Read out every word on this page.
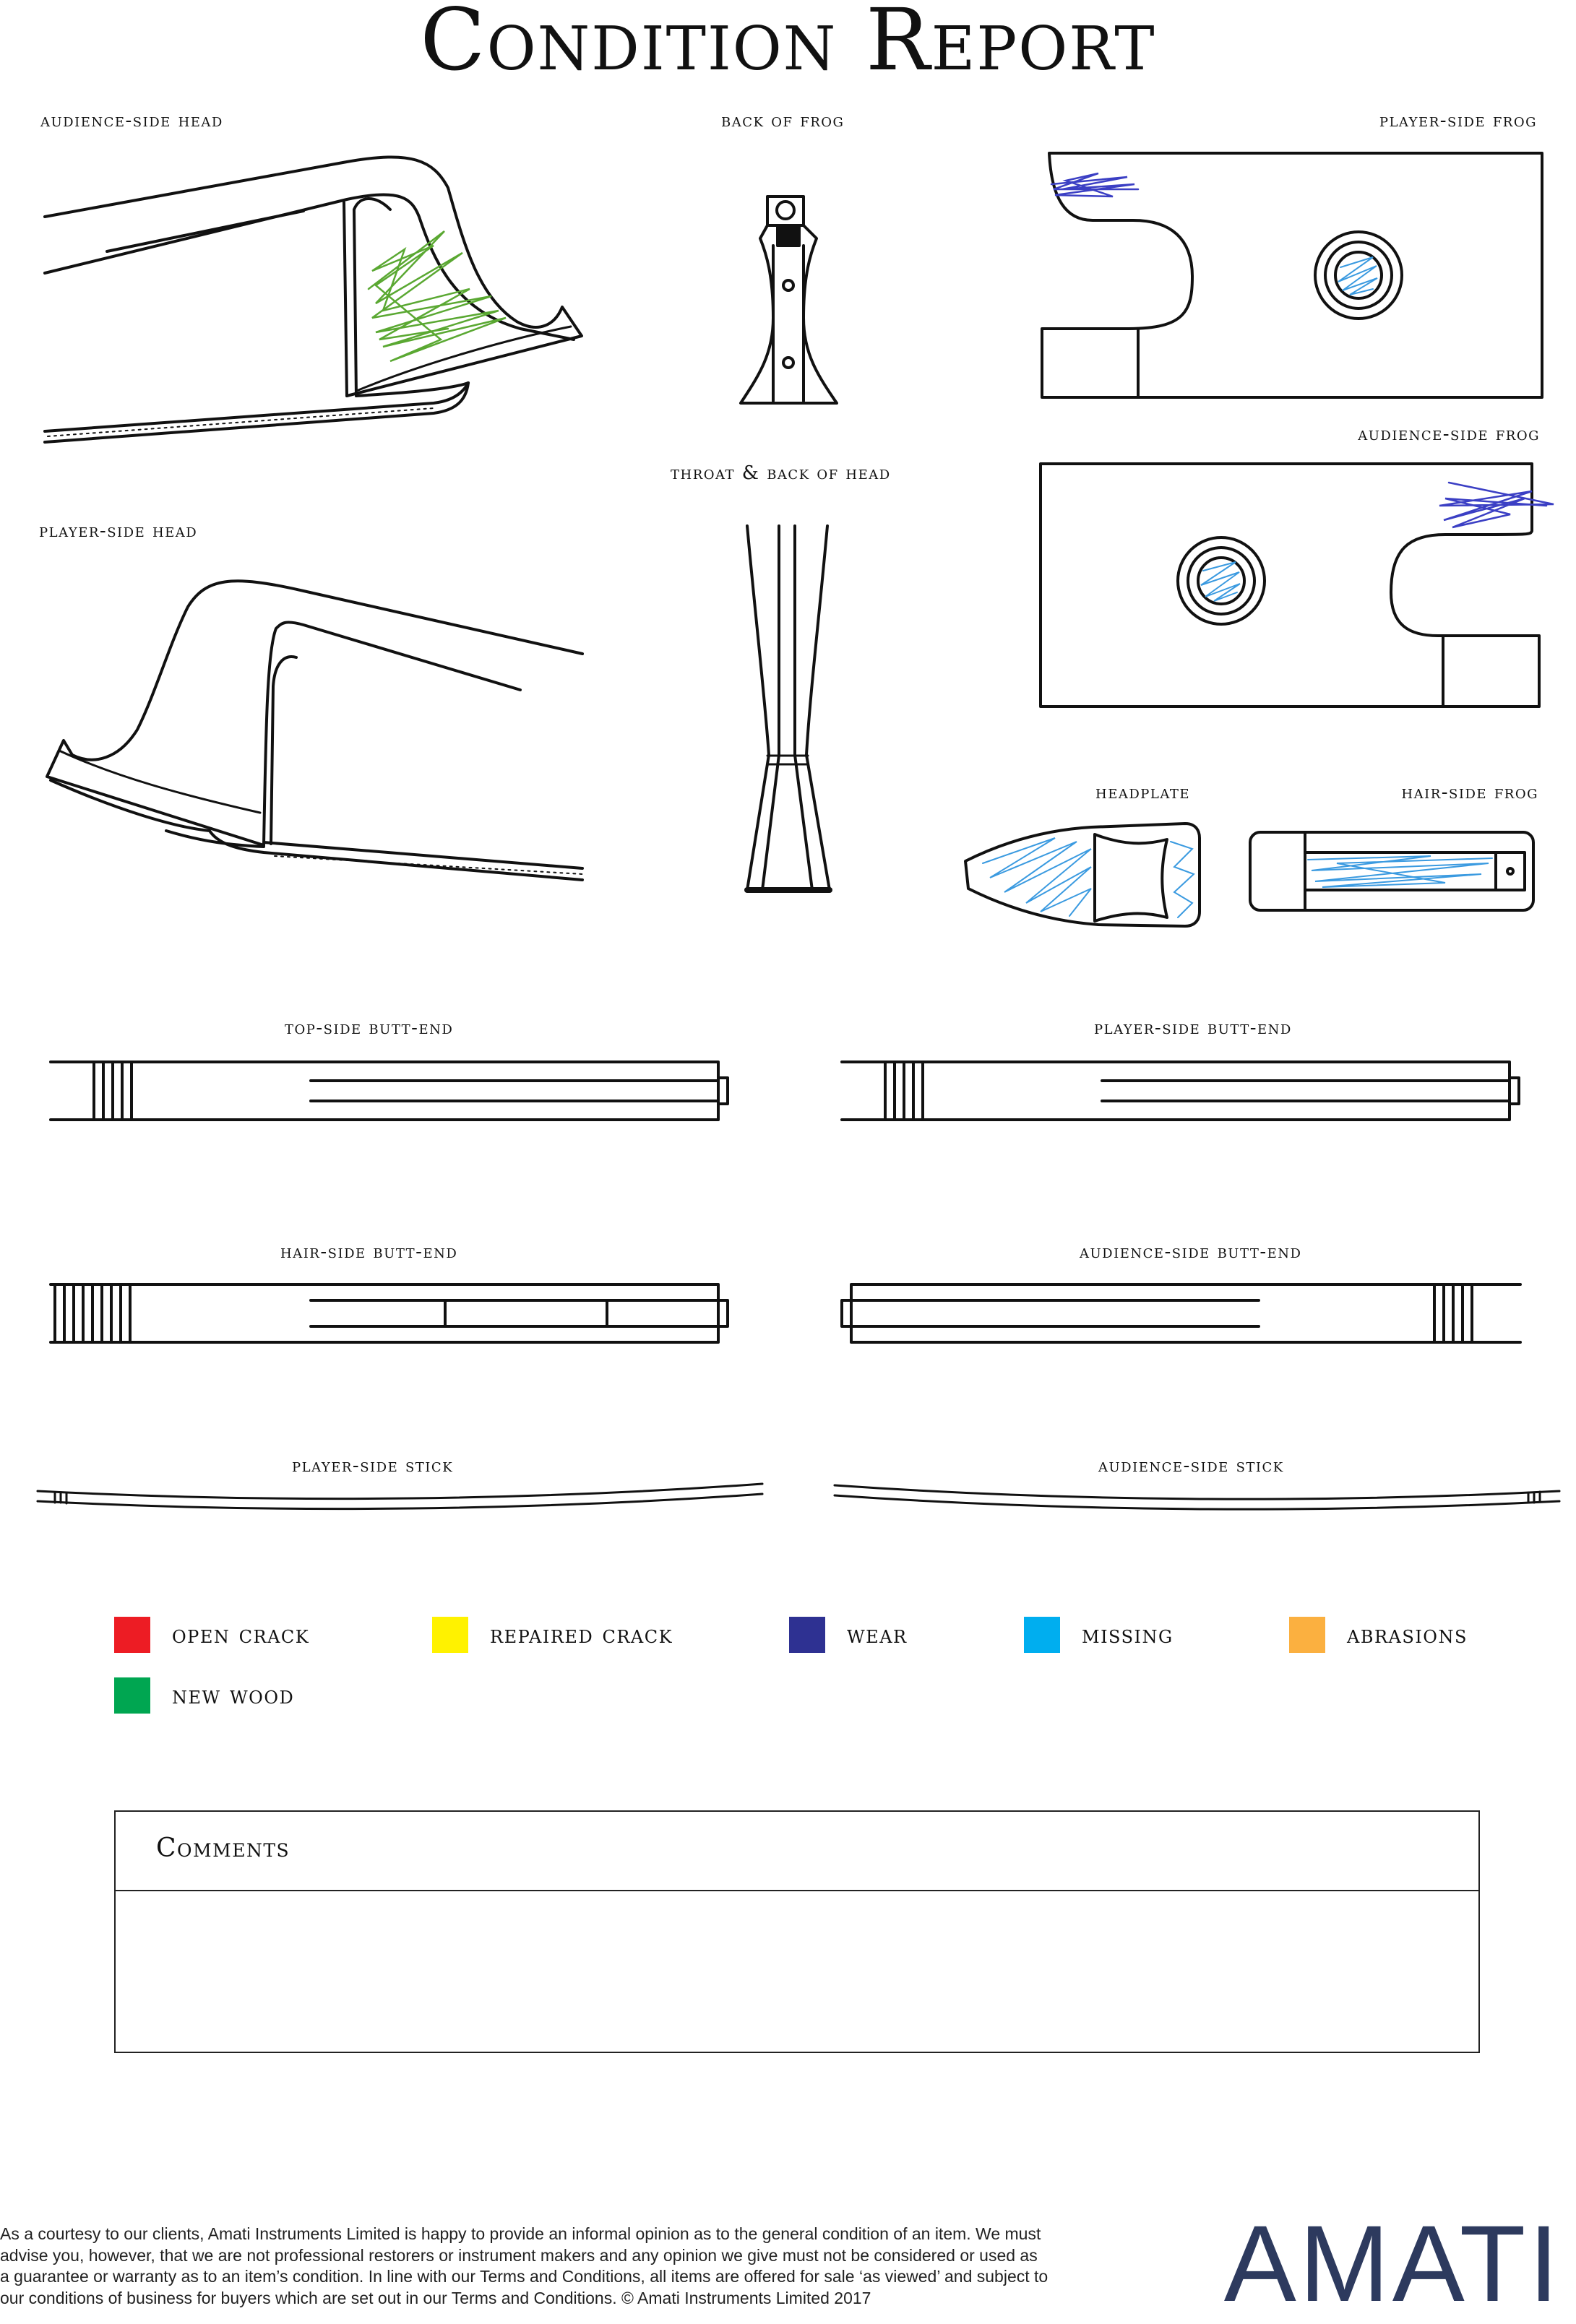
Condition Report
audience-side head	back of frog	player-side frog
throat & back of head
audience-side frog
player-side head
headplate	hair-side frog
top-side butt-end	player-side butt-end
hair-side butt-end	audience-side butt-end
player-side stick	audience-side stick
open crack	repaired crack	wear	missing	abrasions
new wood
Comments
As a courtesy to our clients, Amati Instruments Limited is happy to provide an informal opinion as to the general condition of an item. We must
advise you, however, that we are not professional restorers or instrument makers and any opinion we give must not be considered or used as
a guarantee or warranty as to an item’s condition. In line with our Terms and Conditions, all items are offered for sale ‘as viewed’ and subject to
our conditions of business for buyers which are set out in our Terms and Conditions. © Amati Instruments Limited 2017	AMATI
